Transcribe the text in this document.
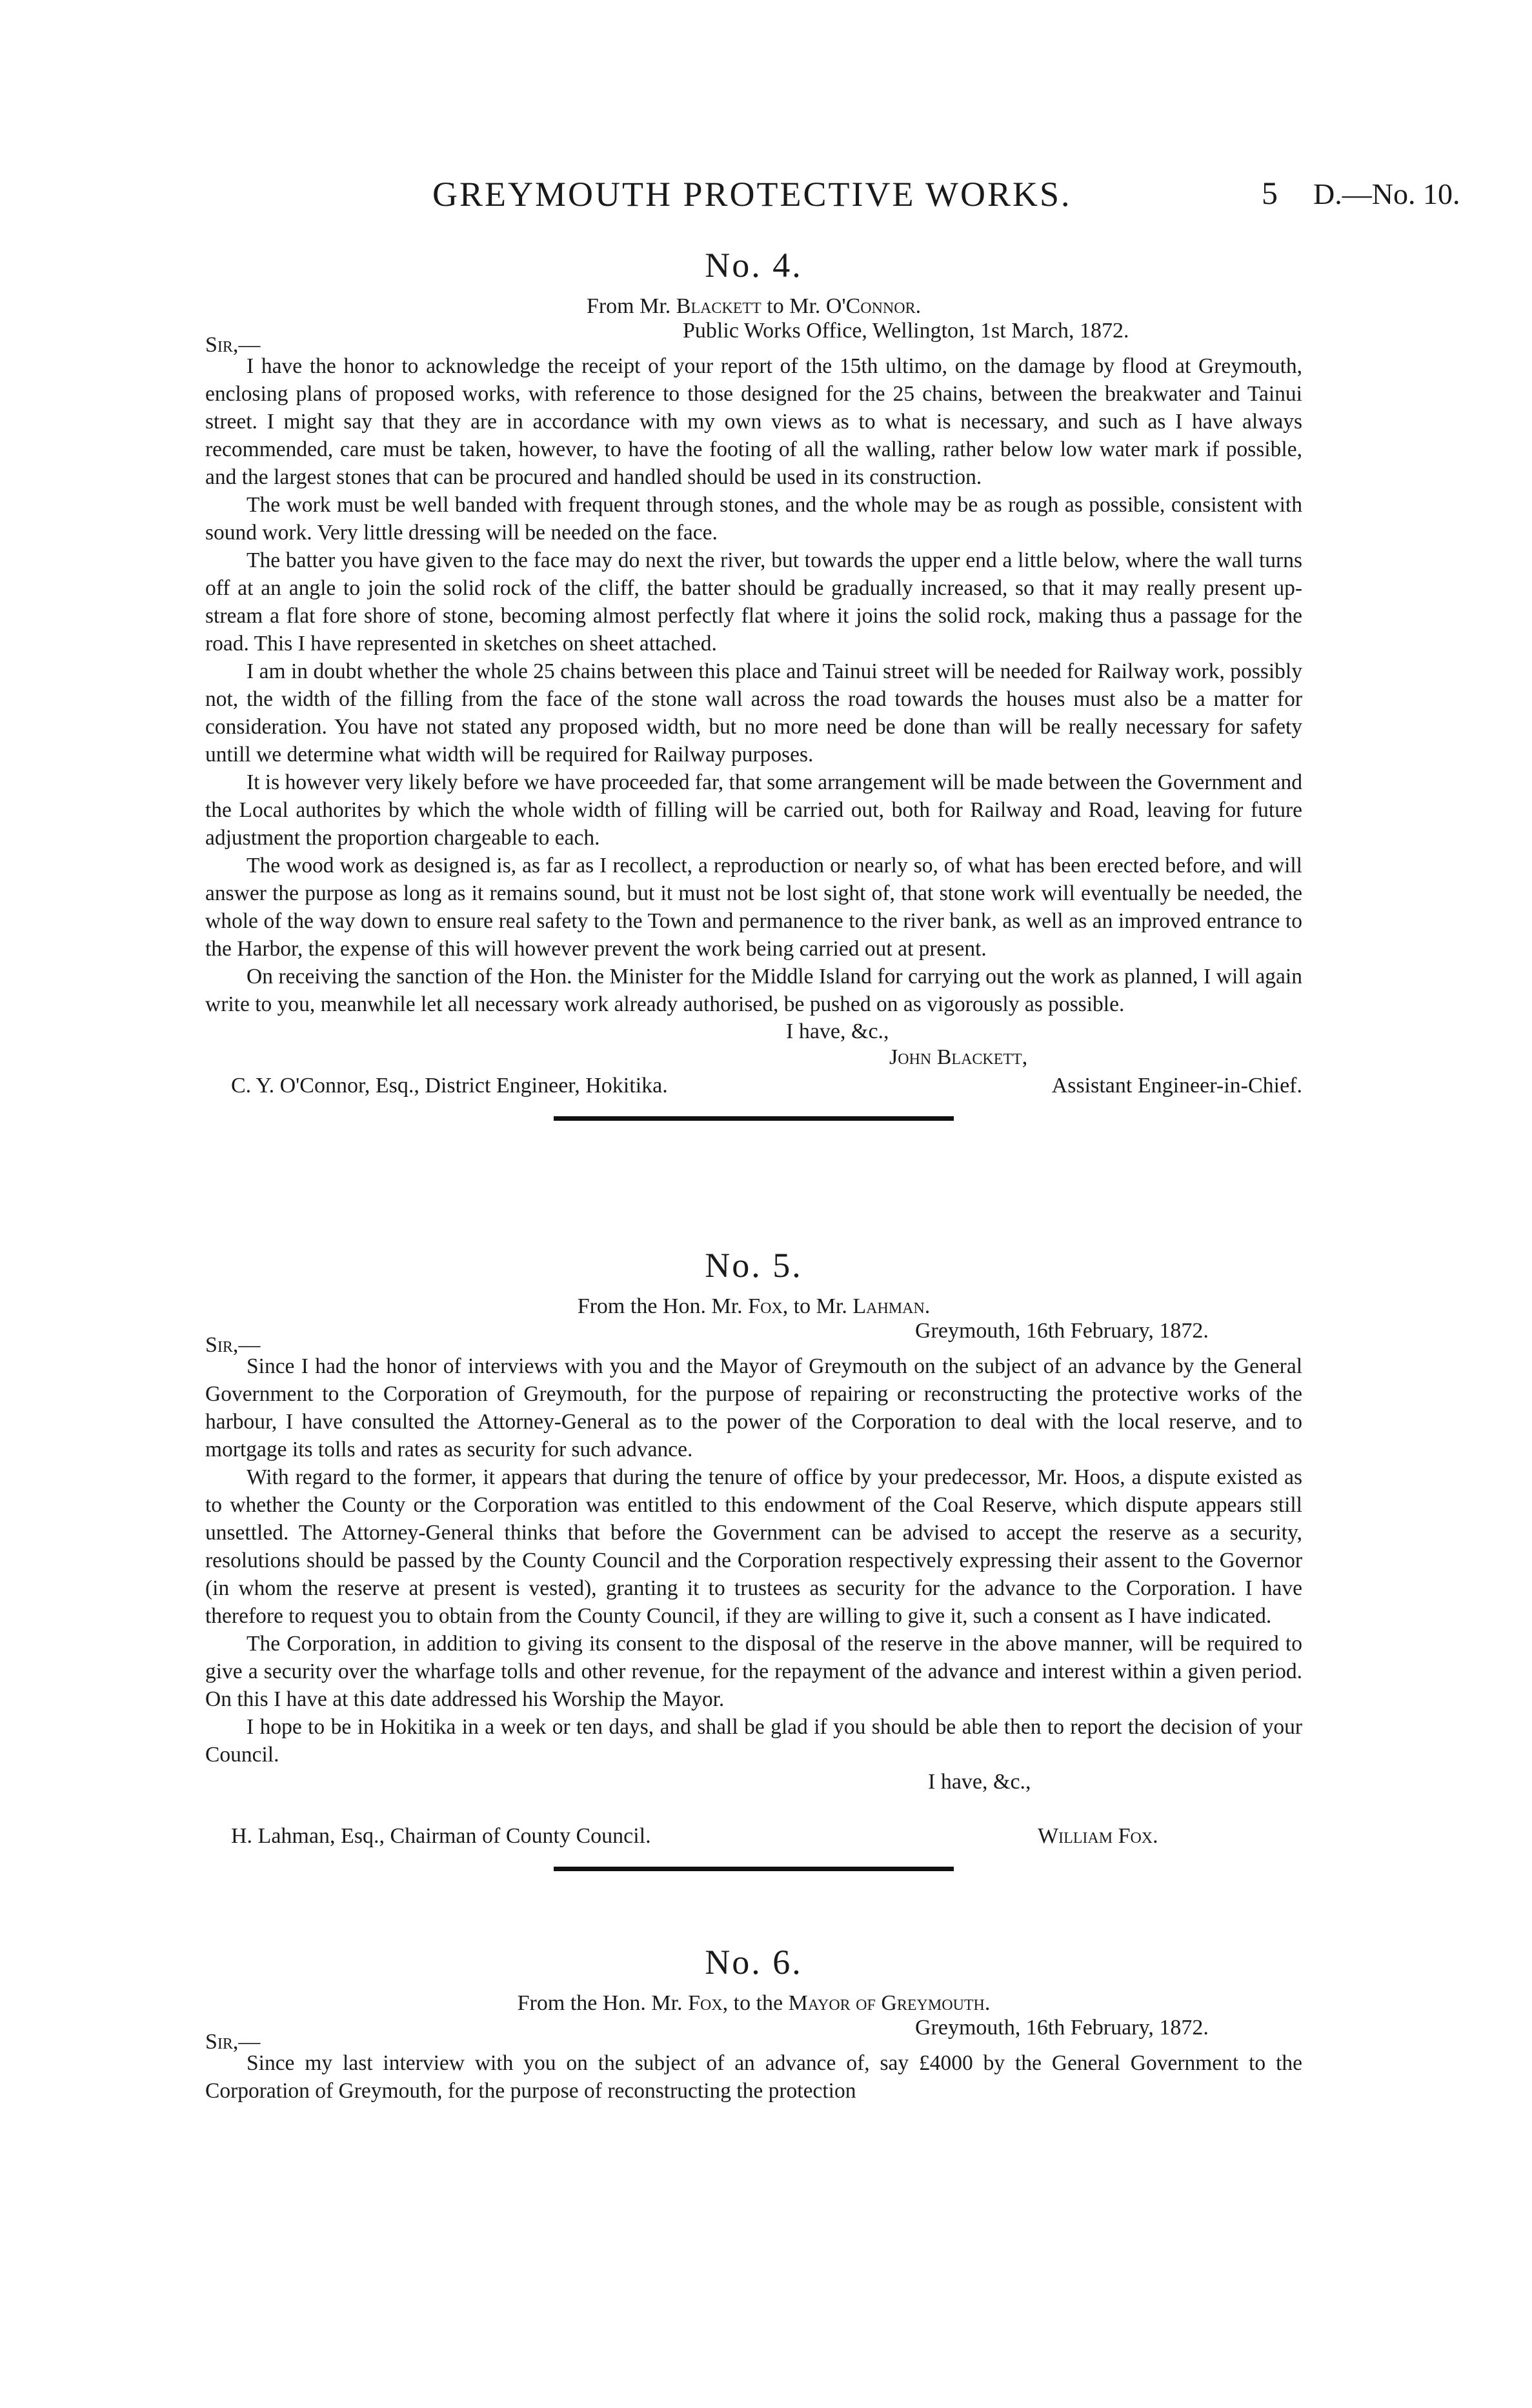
GREYMOUTH PROTECTIVE WORKS.	5 D.—No. 10.
No. 4.

From Mr. Blackett to Mr. O'Connor.

Sir,—
Public Works Office, Wellington, 1st March, 1872.

I have the honor to acknowledge the receipt of your report of the 15th ultimo, on the damage by flood at Greymouth, enclosing plans of proposed works, with reference to those designed for the 25 chains, between the breakwater and Tainui street. I might say that they are in accordance with my own views as to what is necessary, and such as I have always recommended, care must be taken, however, to have the footing of all the walling, rather below low water mark if possible, and the largest stones that can be procured and handled should be used in its construction.

The work must be well banded with frequent through stones, and the whole may be as rough as possible, consistent with sound work. Very little dressing will be needed on the face.

The batter you have given to the face may do next the river, but towards the upper end a little below, where the wall turns off at an angle to join the solid rock of the cliff, the batter should be gradually increased, so that it may really present up-stream a flat fore shore of stone, becoming almost perfectly flat where it joins the solid rock, making thus a passage for the road. This I have represented in sketches on sheet attached.

I am in doubt whether the whole 25 chains between this place and Tainui street will be needed for Railway work, possibly not, the width of the filling from the face of the stone wall across the road towards the houses must also be a matter for consideration. You have not stated any proposed width, but no more need be done than will be really necessary for safety untill we determine what width will be required for Railway purposes.

It is however very likely before we have proceeded far, that some arrangement will be made between the Government and the Local authorites by which the whole width of filling will be carried out, both for Railway and Road, leaving for future adjustment the proportion chargeable to each.

The wood work as designed is, as far as I recollect, a reproduction or nearly so, of what has been erected before, and will answer the purpose as long as it remains sound, but it must not be lost sight of, that stone work will eventually be needed, the whole of the way down to ensure real safety to the Town and permanence to the river bank, as well as an improved entrance to the Harbor, the expense of this will however prevent the work being carried out at present.

On receiving the sanction of the Hon. the Minister for the Middle Island for carrying out the work as planned, I will again write to you, meanwhile let all necessary work already authorised, be pushed on as vigorously as possible.

I have, &c.,
John Blackett,
Assistant Engineer-in-Chief.
C. Y. O'Connor, Esq., District Engineer, Hokitika.
No. 5.

From the Hon. Mr. Fox, to Mr. Lahman.

Sir,—
Greymouth, 16th February, 1872.

Since I had the honor of interviews with you and the Mayor of Greymouth on the subject of an advance by the General Government to the Corporation of Greymouth, for the purpose of repairing or reconstructing the protective works of the harbour, I have consulted the Attorney-General as to the power of the Corporation to deal with the local reserve, and to mortgage its tolls and rates as security for such advance.

With regard to the former, it appears that during the tenure of office by your predecessor, Mr. Hoos, a dispute existed as to whether the County or the Corporation was entitled to this endowment of the Coal Reserve, which dispute appears still unsettled. The Attorney-General thinks that before the Government can be advised to accept the reserve as a security, resolutions should be passed by the County Council and the Corporation respectively expressing their assent to the Governor (in whom the reserve at present is vested), granting it to trustees as security for the advance to the Corporation. I have therefore to request you to obtain from the County Council, if they are willing to give it, such a consent as I have indicated.

The Corporation, in addition to giving its consent to the disposal of the reserve in the above manner, will be required to give a security over the wharfage tolls and other revenue, for the repayment of the advance and interest within a given period. On this I have at this date addressed his Worship the Mayor.

I hope to be in Hokitika in a week or ten days, and shall be glad if you should be able then to report the decision of your Council.

I have, &c.,
William Fox.
H. Lahman, Esq., Chairman of County Council.
No. 6.

From the Hon. Mr. Fox, to the Mayor of Greymouth.

Sir,—
Greymouth, 16th February, 1872.

Since my last interview with you on the subject of an advance of, say £4000 by the General Government to the Corporation of Greymouth, for the purpose of reconstructing the protection
